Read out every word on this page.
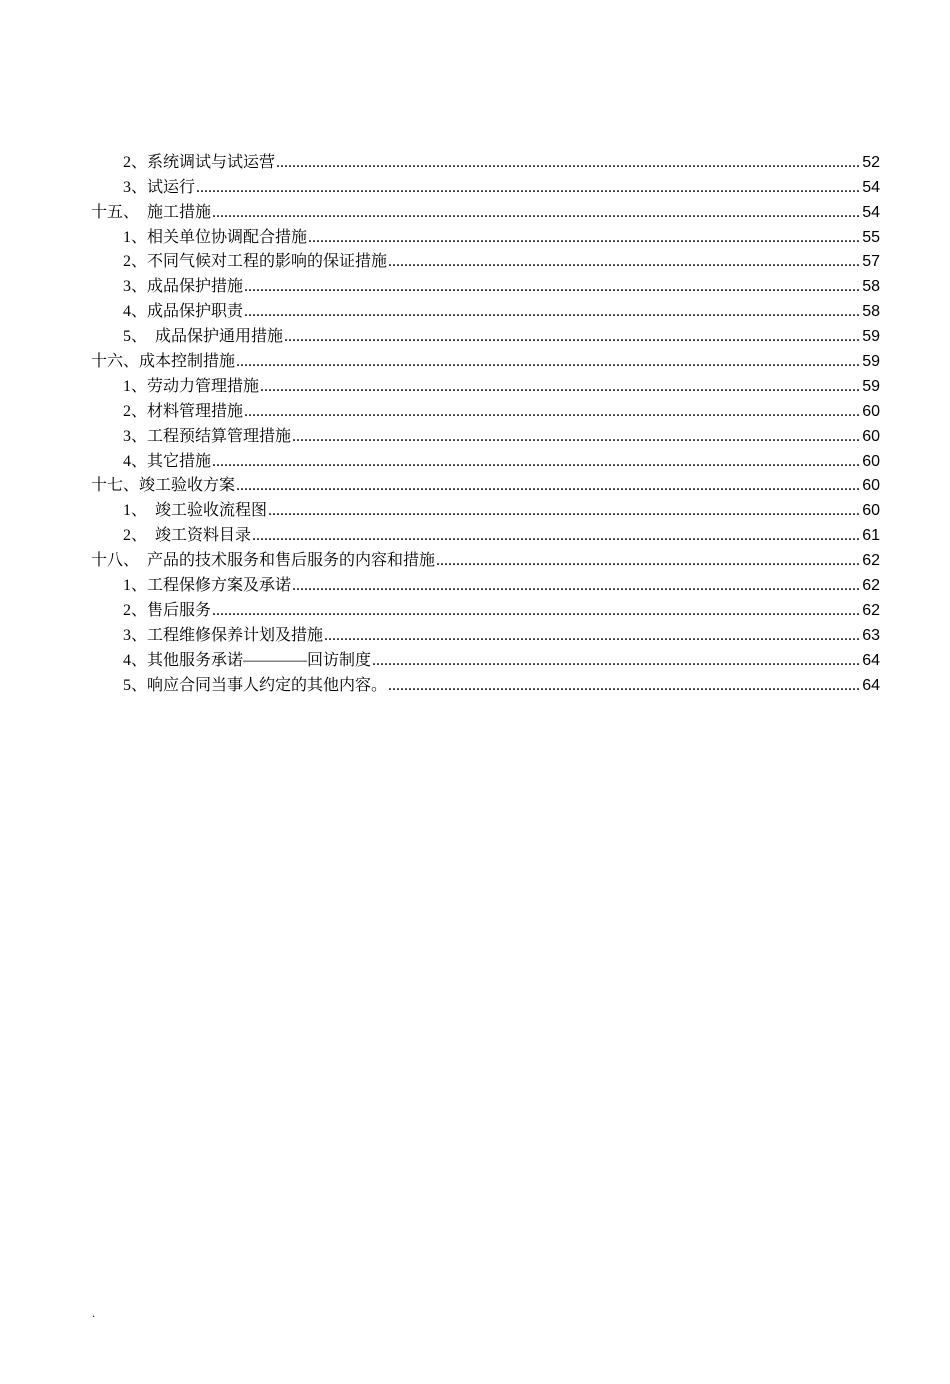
2、系统调试与试运营 .....	52
3、试运行 .....	54
十五、  施工措施 .....	54
1、相关单位协调配合措施 .....	55
2、不同气候对工程的影响的保证措施 .....	57
3、成品保护措施 .....	58
4、成品保护职责 .....	58
5、  成品保护通用措施 .....	59
十六、成本控制措施 .....	59
1、劳动力管理措施 .....	59
2、材料管理措施 .....	60
3、工程预结算管理措施 .....	60
4、其它措施 .....	60
十七、竣工验收方案 .....	60
1、  竣工验收流程图 .....	60
2、  竣工资料目录 .....	61
十八、  产品的技术服务和售后服务的内容和措施 .....	62
1、工程保修方案及承诺 .....	62
2、售后服务 .....	62
3、工程维修保养计划及措施 .....	63
4、其他服务承诺————回访制度 .....	64
5、响应合同当事人约定的其他内容。 .....	64
.
